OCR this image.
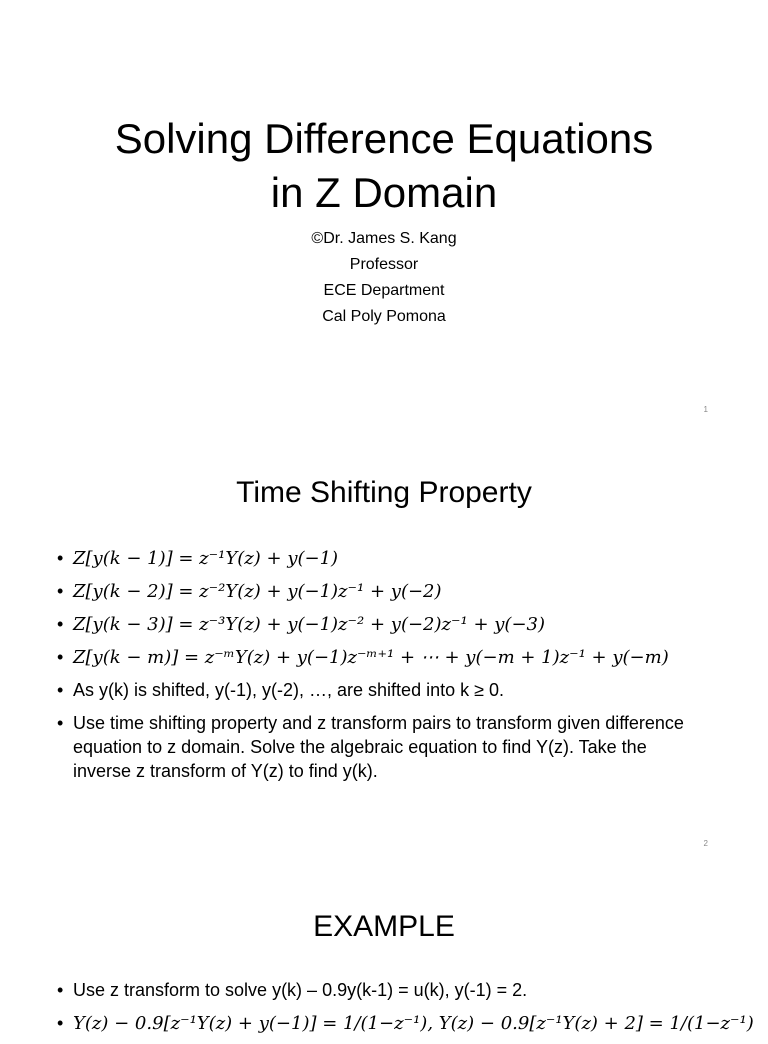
Solving Difference Equations
in Z Domain
©Dr. James S. Kang
Professor
ECE Department
Cal Poly Pomona
1
Time Shifting Property
• Z[y(k − 1)] = z⁻¹Y(z) + y(−1)
• Z[y(k − 2)] = z⁻²Y(z) + y(−1)z⁻¹ + y(−2)
• Z[y(k − 3)] = z⁻³Y(z) + y(−1)z⁻² + y(−2)z⁻¹ + y(−3)
• Z[y(k − m)] = z⁻ᵐY(z) + y(−1)z⁻ᵐ⁺¹ + ⋯ + y(−m + 1)z⁻¹ + y(−m)
• As y(k) is shifted, y(-1), y(-2), …, are shifted into k ≥ 0.
• Use time shifting property and z transform pairs to transform given difference equation to z domain. Solve the algebraic equation to find Y(z). Take the inverse z transform of Y(z) to find y(k).
2
EXAMPLE
• Use z transform to solve y(k) – 0.9y(k-1) = u(k), y(-1) = 2.
• Y(z) − 0.9[z⁻¹Y(z) + y(−1)] = 1/(1−z⁻¹), Y(z) − 0.9[z⁻¹Y(z) + 2] = 1/(1−z⁻¹)
